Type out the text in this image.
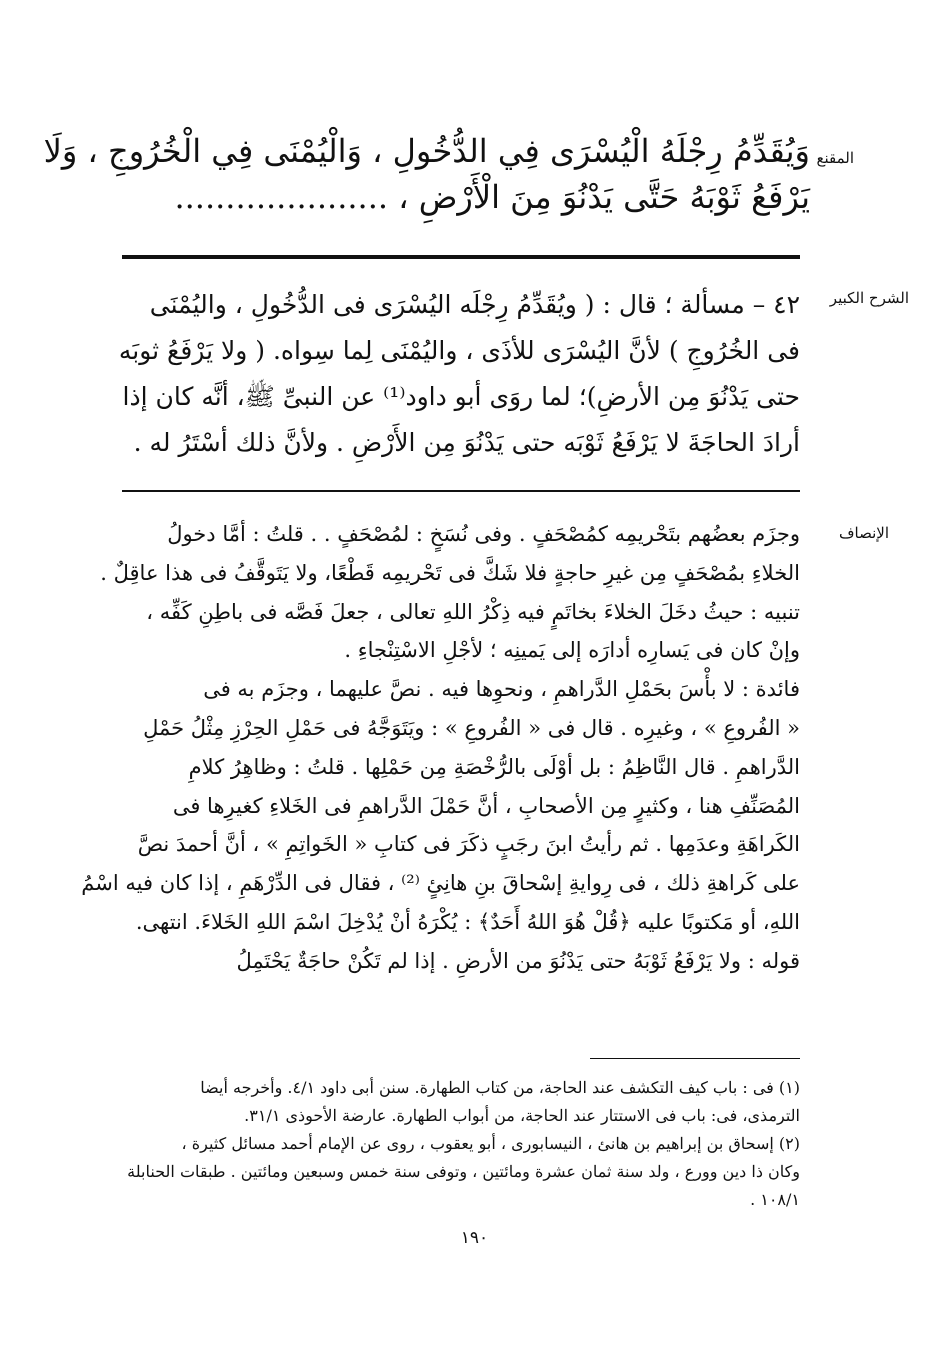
المقنع
وَيُقَدِّمُ رِجْلَهُ الْيُسْرَى فِي الدُّخُولِ ، وَالْيُمْنَى فِي الْخُرُوجِ ، وَلَا
يَرْفَعُ ثَوْبَهُ حَتَّى يَدْنُوَ مِنَ الْأَرْضِ ، .....................
الشرح الكبير
٤٢ – مسألة ؛ قال : ( ويُقَدِّمُ رِجْلَه اليُسْرَى فى الدُّخُولِ ، واليُمْنَى
فى الخُرُوجِ ) لأنَّ اليُسْرَى للأذَى ، واليُمْنَى لِما سِواه. ( ولا يَرْفَعُ ثوبَه
حتى يَدْنُوَ مِن الأرضِ)؛ لما روَى أبو داود⁽¹⁾ عن النبىِّ ﷺ، أنَّه كان إذا
أرادَ الحاجَةَ لا يَرْفَعُ ثَوْبَه حتى يَدْنُوَ مِن الأَرْضِ . ولأنَّ ذلك أسْتَرُ له .
الإنصاف
وجزَم بعضُهم بتَحْريمِه كمُصْحَفٍ . وفى نُسَخٍ : لمُصْحَفٍ . . قلتُ : أمَّا دخولُ
الخلاءِ بمُصْحَفٍ مِن غيرِ حاجةٍ فلا شَكَّ فى تَحْريمِه قَطْعًا، ولا يَتَوقَّفُ فى هذا عاقِلٌ .
تنبيه : حيثُ دخَلَ الخلاءَ بخاتَمٍ فيه ذِكْرُ اللهِ تعالى ، جعلَ فَصَّه فى باطِنِ كَفِّه ،
وإنْ كان فى يَسارِه أدارَه إلى يَمينِه ؛ لأجْلِ الاسْتِنْجاءِ .
فائدة : لا بأْسَ بحَمْلِ الدَّراهمِ ، ونحوِها فيه . نصَّ عليهما ، وجزَم به فى
« الفُروعِ » ، وغيرِه . قال فى « الفُروعِ » : ويَتَوَجَّهُ فى حَمْلِ الحِرْزِ مِثْلُ حَمْلِ
الدَّراهمِ . قال النَّاظِمُ : بل أوْلَى بالرُّخْصَةِ مِن حَمْلِها . قلتُ : وظاهِرُ كلامِ
المُصَنِّفِ هنا ، وكثيرٍ مِن الأصحابِ ، أنَّ حَمْلَ الدَّراهمِ فى الخَلاءِ كغيرِها فى
الكَراهَةِ وعدَمِها . ثم رأيتُ ابنَ رجَبٍ ذكَرَ فى كتابِ « الخَواتِمِ » ، أنَّ أحمدَ نصَّ
على كَراهةِ ذلك ، فى رِوايةِ إسْحاقَ بنِ هانِئٍ ⁽²⁾ ، فقال فى الدِّرْهَمِ ، إذا كان فيه اسْمُ
اللهِ، أو مَكتوبًا عليه ﴿قُلْ هُوَ اللهُ أَحَدٌ﴾ : يُكْرَهُ أنْ يُدْخِلَ اسْمَ اللهِ الخَلاءَ. انتهى.
قوله : ولا يَرْفَعُ ثَوْبَهُ حتى يَدْنُوَ من الأرضِ . إذا لم تَكُنْ حاجَةٌ يَحْتَمِلُ
(١) فى : باب كيف التكشف عند الحاجة، من كتاب الطهارة. سنن أبى داود ٤/١. وأخرجه أيضا
الترمذى، فى: باب فى الاستتار عند الحاجة، من أبواب الطهارة. عارضة الأحوذى ٣١/١.
(٢) إسحاق بن إبراهيم بن هانئ ، النيسابورى ، أبو يعقوب ، روى عن الإمام أحمد مسائل كثيرة ،
وكان ذا دين وورع ، ولد سنة ثمان عشرة ومائتين ، وتوفى سنة خمس وسبعين ومائتين . طبقات الحنابلة
١٠٨/١ .
١٩٠
